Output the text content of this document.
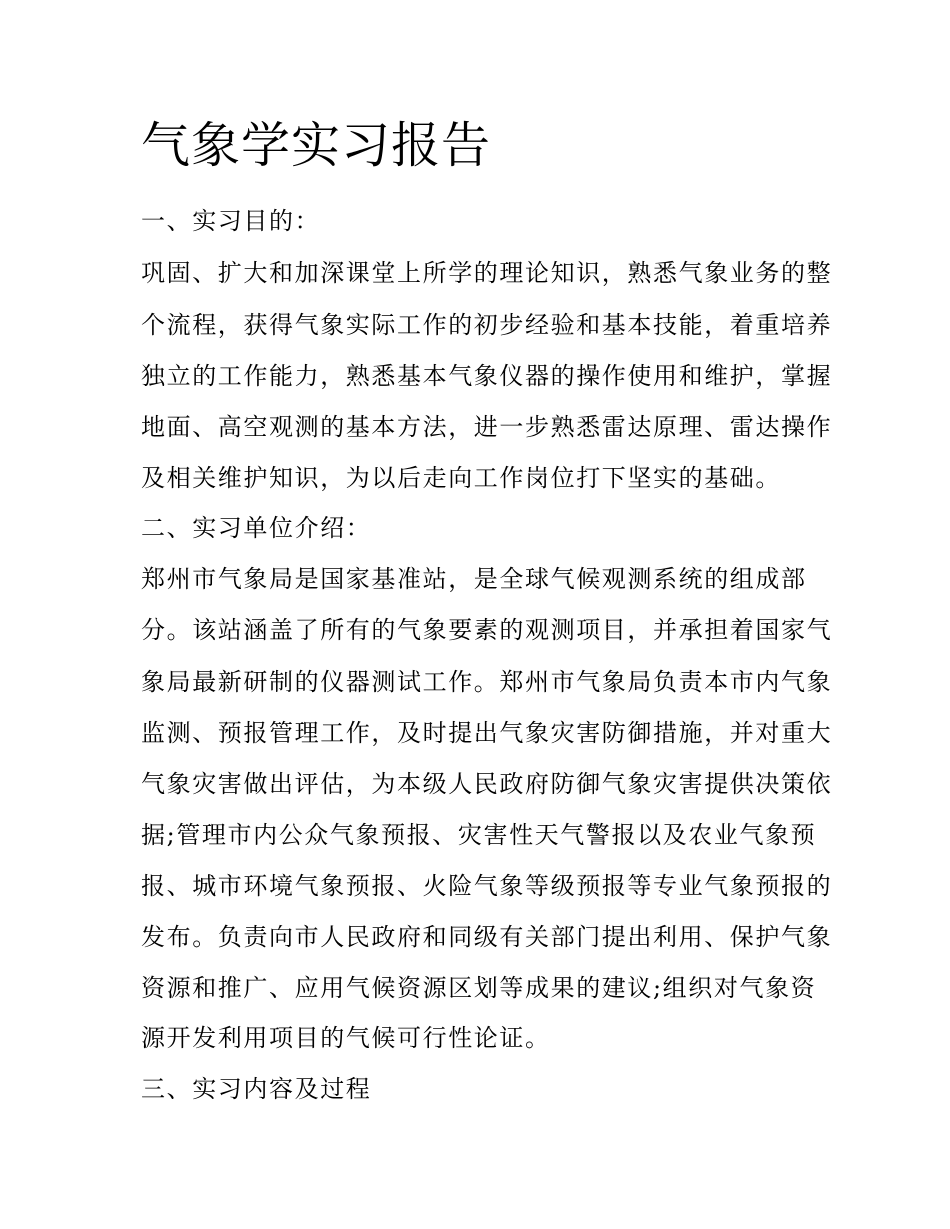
气象学实习报告
一、实习目的：
巩固、扩大和加深课堂上所学的理论知识，熟悉气象业务的整
个流程，获得气象实际工作的初步经验和基本技能，着重培养
独立的工作能力，熟悉基本气象仪器的操作使用和维护，掌握
地面、高空观测的基本方法，进一步熟悉雷达原理、雷达操作
及相关维护知识，为以后走向工作岗位打下坚实的基础。
二、实习单位介绍：
郑州市气象局是国家基准站，是全球气候观测系统的组成部
分。该站涵盖了所有的气象要素的观测项目，并承担着国家气
象局最新研制的仪器测试工作。郑州市气象局负责本市内气象
监测、预报管理工作，及时提出气象灾害防御措施，并对重大
气象灾害做出评估，为本级人民政府防御气象灾害提供决策依
据;管理市内公众气象预报、灾害性天气警报以及农业气象预
报、城市环境气象预报、火险气象等级预报等专业气象预报的
发布。负责向市人民政府和同级有关部门提出利用、保护气象
资源和推广、应用气候资源区划等成果的建议;组织对气象资
源开发利用项目的气候可行性论证。
三、实习内容及过程
